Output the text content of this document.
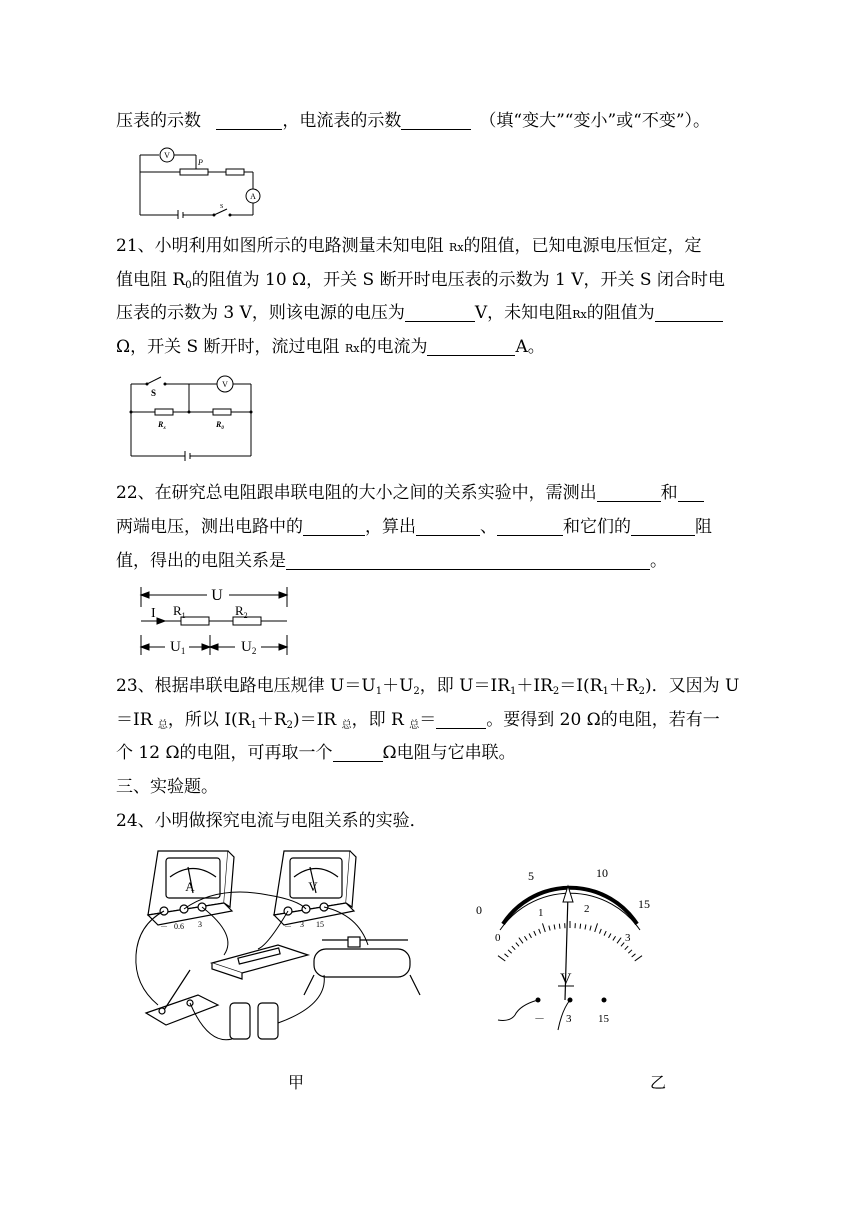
压表的示数	，电流表的示数	（填“变大”“变小”或“不变”）。
V
A
P
S
21、小明利用如图所示的电路测量未知电阻 Rx的阻值，已知电源电压恒定，定
值电阻 $R_0$的阻值为 10 Ω，开关 S 断开时电压表的示数为 1 V，开关 S 闭合时电
压表的示数为 3 V，则该电源的电压为	V，未知电阻Rx的阻值为
Ω，开关 S 断开时，流过电阻 Rx的电流为	A。
S
V
$R_x$	$R_0$
22、在研究总电阻跟串联电阻的大小之间的关系实验中，需测出	和
两端电压，测出电路中的	，算出	、	和它们的	阻
值，得出的电阻关系是	。
U
I $R_1$	$R_2$
$U_1$	$U_2$
23、根据串联电路电压规律 $U=U_1+U_2$，即 $U=IR_1+IR_2=I(R_1+R_2)$．又因为 U
＝IR $_总$，所以 $I(R_1+R_2)=IR$ $_总$，即 R $_总$＝	。要得到 20 Ω的电阻，若有一
个 12 Ω的电阻，可再取一个	Ω电阻与它串联。
三、实验题。
24、小明做探究电流与电阻关系的实验．
A	V
－ 0.6 3	－ 3 15
0
5	10
15
0
1	2
3
V
－ 3 15
甲	乙
